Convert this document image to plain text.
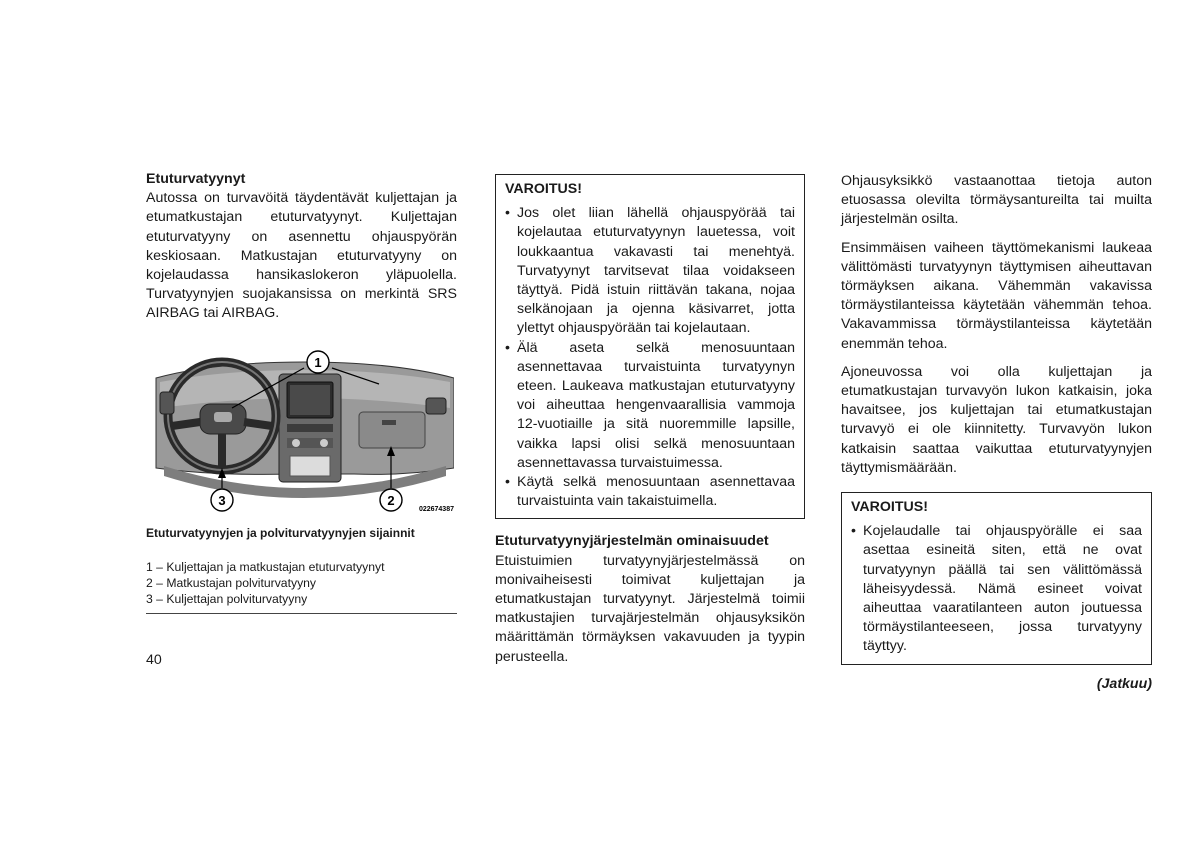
Etuturvatyynyt
Autossa on turvavöitä täydentävät kuljettajan ja etumatkustajan etuturvatyynyt. Kuljettajan etuturvatyyny on asennettu ohjauspyörän keskiosaan. Matkustajan etuturvatyyny on kojelaudassa hansikaslokeron yläpuolella. Turvatyynyjen suojakansissa on merkintä SRS AIRBAG tai AIRBAG.
1
2
3
022674387
Etuturvatyynyjen ja polviturvatyynyjen sijainnit
1 – Kuljettajan ja matkustajan etuturvatyynyt
2 – Matkustajan polviturvatyyny
3 – Kuljettajan polviturvatyyny
VAROITUS!
• Jos olet liian lähellä ohjauspyörää tai kojelautaa etuturvatyynyn lauetessa, voit loukkaantua vakavasti tai menehtyä. Turvatyynyt tarvitsevat tilaa voidakseen täyttyä. Pidä istuin riittävän takana, nojaa selkänojaan ja ojenna käsivarret, jotta ylettyt ohjauspyörään tai kojelautaan.
• Älä aseta selkä menosuuntaan asennettavaa turvaistuinta turvatyynyn eteen. Laukeava matkustajan etuturvatyyny voi aiheuttaa hengenvaarallisia vammoja 12-vuotiaille ja sitä nuoremmille lapsille, vaikka lapsi olisi selkä menosuuntaan asennettavassa turvaistuimessa.
• Käytä selkä menosuuntaan asennettavaa turvaistuinta vain takaistuimella.
Etuturvatyynyjärjestelmän ominaisuudet
Etuistuimien turvatyynyjärjestelmässä on monivaiheisesti toimivat kuljettajan ja etumatkustajan turvatyynyt. Järjestelmä toimii matkustajien turvajärjestelmän ohjausyksikön määrittämän törmäyksen vakavuuden ja tyypin perusteella.
Ohjausyksikkö vastaanottaa tietoja auton etuosassa olevilta törmäysantureilta tai muilta järjestelmän osilta.
Ensimmäisen vaiheen täyttömekanismi laukeaa välittömästi turvatyynyn täyttymisen aiheuttavan törmäyksen aikana. Vähemmän vakavissa törmäystilanteissa käytetään vähemmän tehoa. Vakavammissa törmäystilanteissa käytetään enemmän tehoa.
Ajoneuvossa voi olla kuljettajan ja etumatkustajan turvavyön lukon katkaisin, joka havaitsee, jos kuljettajan tai etumatkustajan turvavyö ei ole kiinnitetty. Turvavyön lukon katkaisin saattaa vaikuttaa etuturvatyynyjen täyttymismäärään.
VAROITUS!
• Kojelaudalle tai ohjauspyörälle ei saa asettaa esineitä siten, että ne ovat turvatyynyn päällä tai sen välittömässä läheisyydessä. Nämä esineet voivat aiheuttaa vaaratilanteen auton joutuessa törmäystilanteeseen, jossa turvatyyny täyttyy.
(Jatkuu)
40
